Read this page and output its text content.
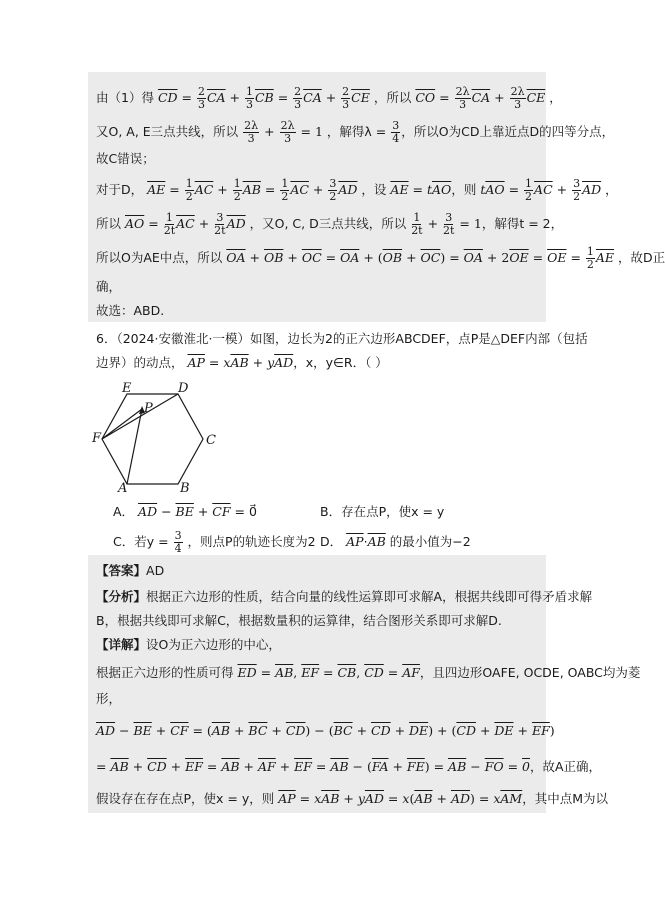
由（1）得 $\overline{CD} = \frac{2}{3} \overline{CA} + \frac{1}{3} \overline{CB} = \frac{2}{3} \overline{CA} + \frac{2}{3} \overline{CE}$ ，所以 $\overline{CO} = \frac{2\lambda}{3} \overline{CA} + \frac{2\lambda}{3} \overline{CE}$ ，
又O, A, E三点共线，所以 $\frac{2\lambda}{3} + \frac{2\lambda}{3} = 1$ ，解得$\lambda = \frac{3}{4}$ ，所以O为CD上靠近点D的四等分点，
故C错误；
对于D， $\overline{AE} = \frac{1}{2} \overline{AC} + \frac{1}{2} \overline{AB} = \frac{1}{2} \overline{AC} + \frac{3}{2} \overline{AD}$ ，设 $\overline{AE} = t\overline{AO}$，则 $t\overline{AO} = \frac{1}{2} \overline{AC} + \frac{3}{2} \overline{AD}$ ，
所以 $\overline{AO} = \frac{1}{2t} \overline{AC} + \frac{3}{2t} \overline{AD}$ ，又O, C, D三点共线，所以 $\frac{1}{2t} + \frac{3}{2t} = 1$，解得t = 2，
所以O为AE中点，所以 $\overline{OA} + \overline{OB} + \overline{OC} = \overline{OA} + (\overline{OB} + \overline{OC}) = \overline{OA} + 2\overline{OE} = \overline{OE} = \frac{1}{2} \overline{AE}$ ，故D正
确，
故选：ABD.
6．（2024·安徽淮北·一模）如图，边长为2的正六边形ABCDEF，点P是△DEF内部（包括
边界）的动点， $\overline{AP} = x\overline{AB} + y\overline{AD}$，x，y∈R．（ ）
E	D
P
F	C
A	B
A． $\overline{AD} - \overline{BE} + \overline{CF}$ = 0⃗	B．存在点P，使x = y
C．若$y = \frac{3}{4}$ ，则点P的轨迹长度为2 D． $\overline{AP}\cdot\overline{AB}$ 的最小值为−2
【答案】AD
【分析】根据正六边形的性质，结合向量的线性运算即可求解A，根据共线即可得矛盾求解
B，根据共线即可求解C，根据数量积的运算律，结合图形关系即可求解D.
【详解】设O为正六边形的中心，
根据正六边形的性质可得 $\overline{ED} = \overline{AB}$, $\overline{EF} = \overline{CB}$, $\overline{CD} = \overline{AF}$，且四边形OAFE, OCDE, OABC均为菱
形，
$\overline{AD} - \overline{BE} + \overline{CF} = (\overline{AB} + \overline{BC} + \overline{CD}) - (\overline{BC} + \overline{CD} + \overline{DE}) + (\overline{CD} + \overline{DE} + \overline{EF})$
= $\overline{AB} + \overline{CD} + \overline{EF} = \overline{AB} + \overline{AF} + \overline{EF} = \overline{AB} - (\overline{FA} + \overline{FE}) = \overline{AB} - \overline{FO} = 0$，故A正确，
假设存在存在点P，使x = y，则 $\overline{AP} = x\overline{AB} + y\overline{AD} = x(\overline{AB} + \overline{AD}) = x\overline{AM}$，其中点M为以
